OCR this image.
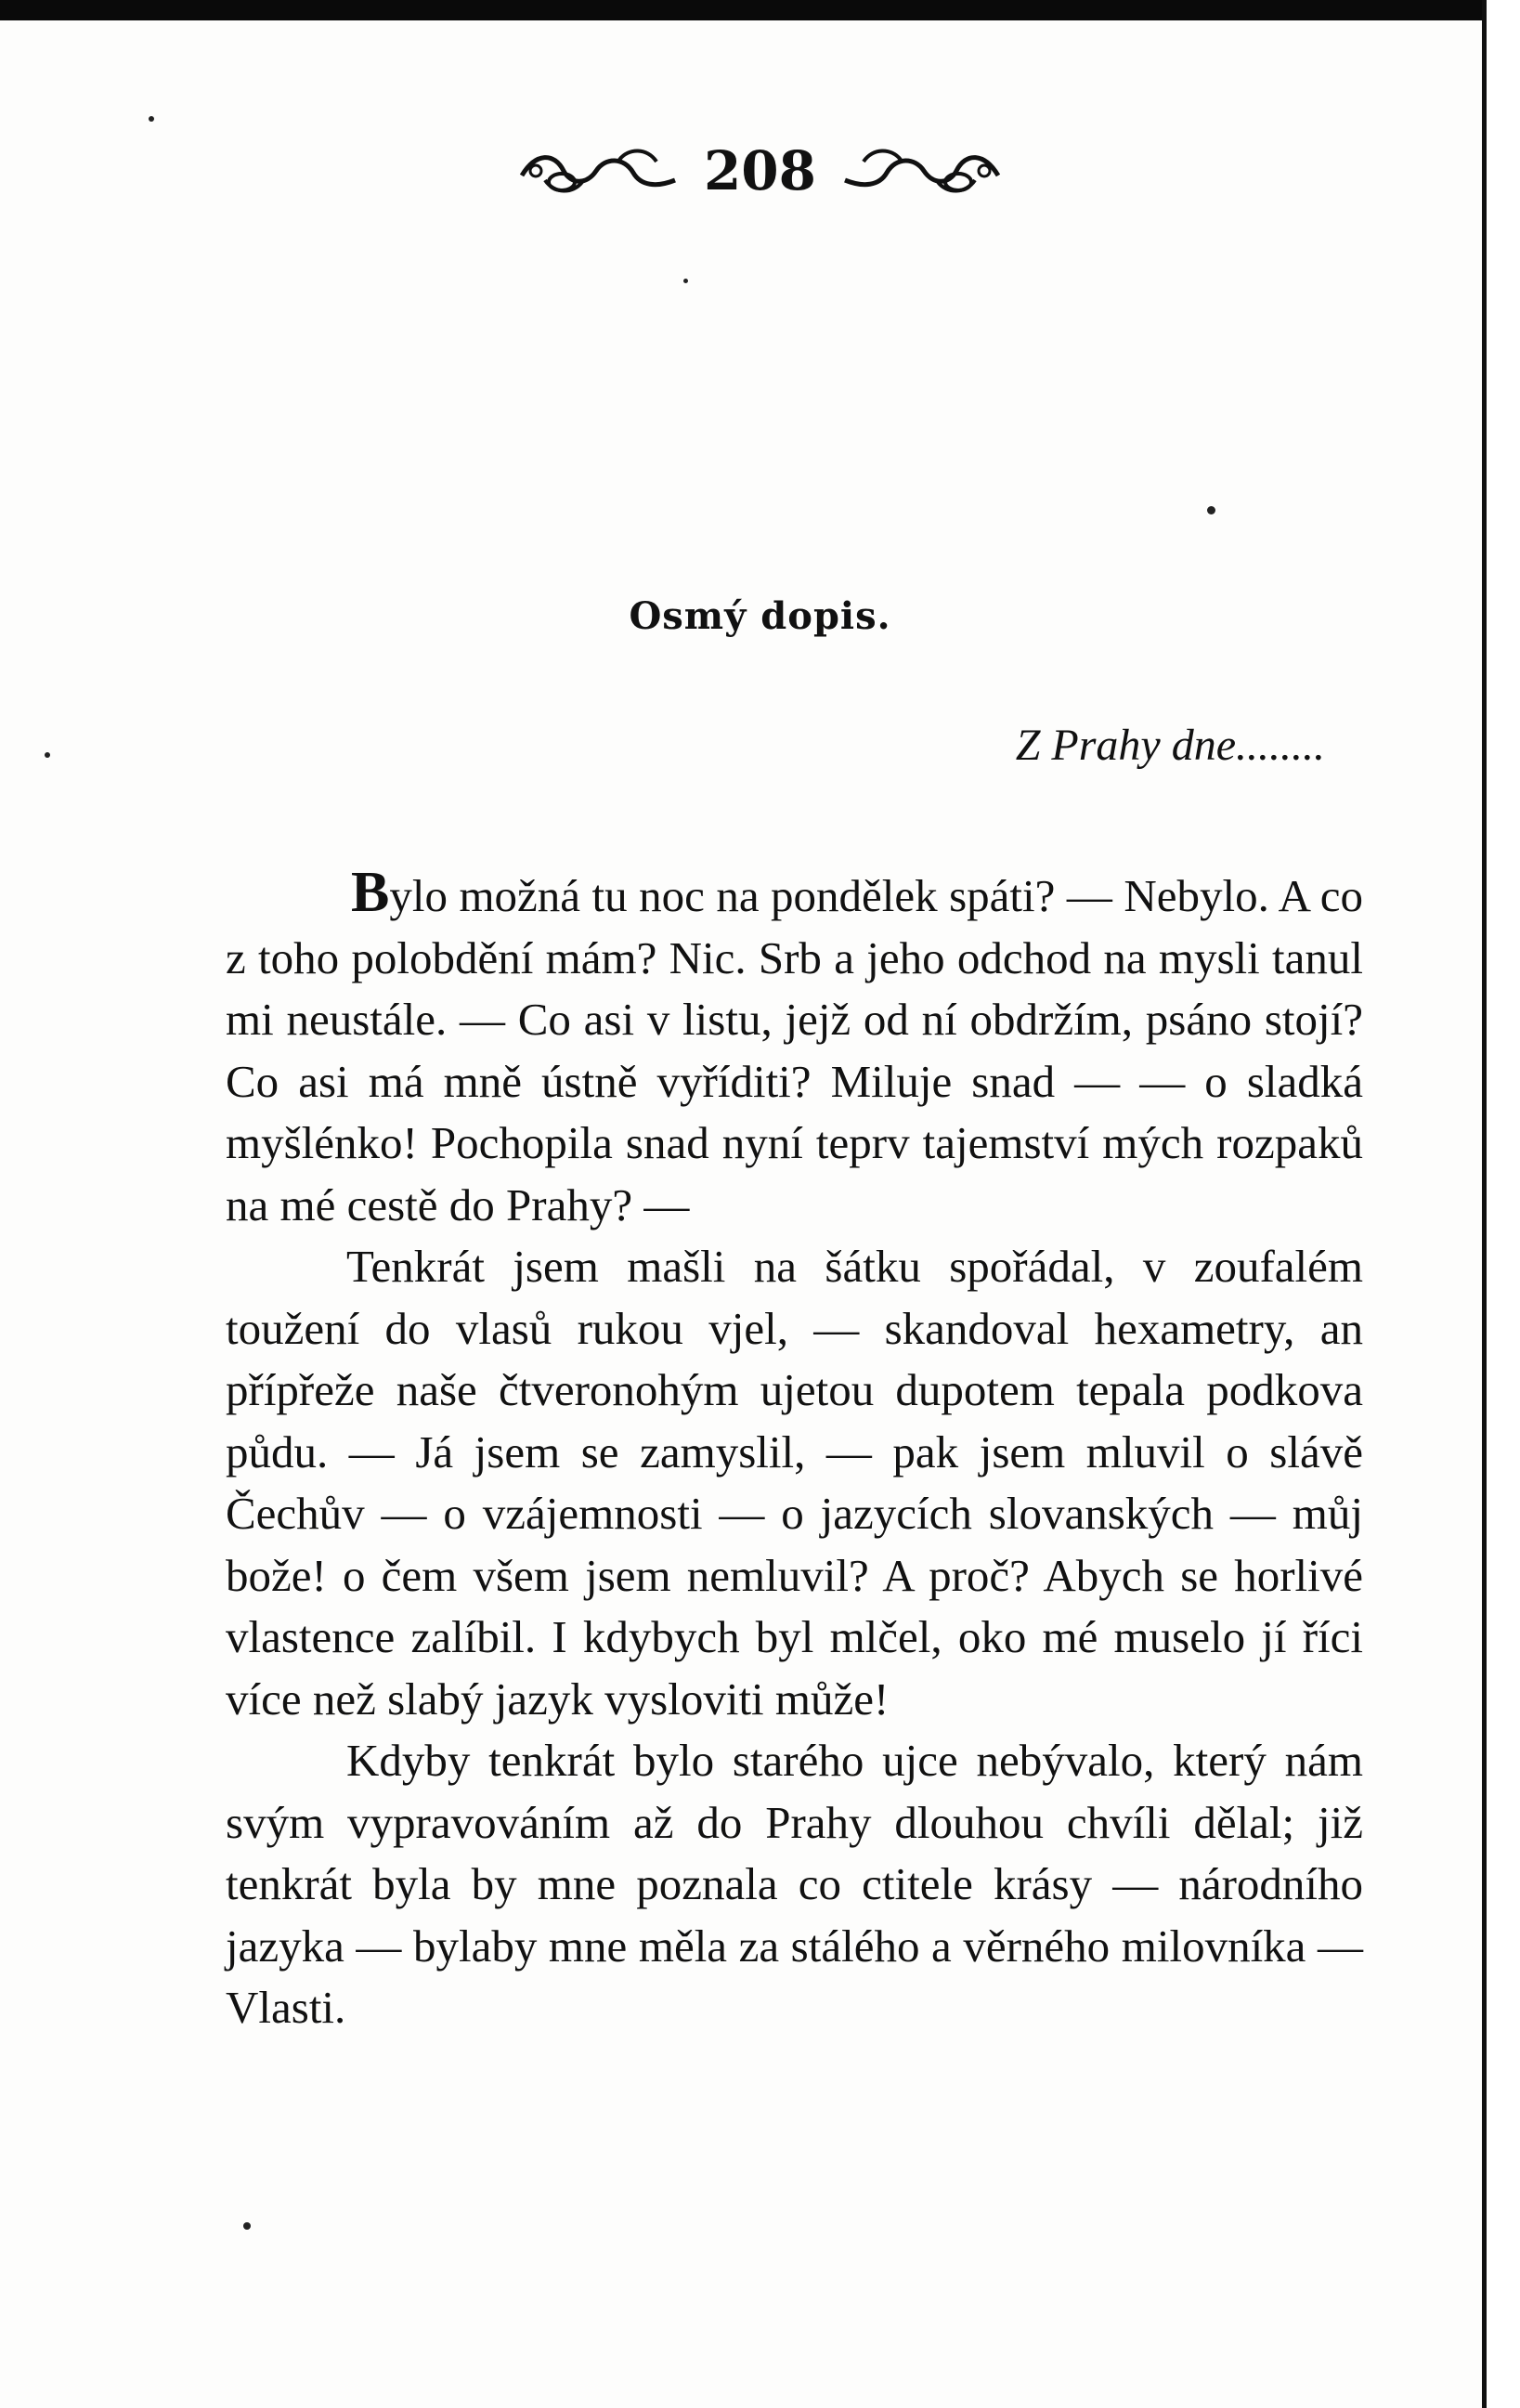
208
Osmý dopis.
Z Prahy dne........

Bylo možná tu noc na pondělek spáti? — Nebylo. A co z toho polobdění mám? Nic. Srb a jeho odchod na mysli tanul mi neustále. — Co asi v listu, jejž od ní obdržím, psáno stojí? Co asi má mně ústně vyříditi? Miluje snad — — o sladká myšlénko! Pochopila snad nyní teprv tajemství mých rozpaků na mé cestě do Prahy? —

Tenkrát jsem mašli na šátku spořádal, v zoufalém toužení do vlasů rukou vjel, — skandoval hexametry, an přípřeže naše čtveronohým ujetou dupotem tepala podkova půdu. — Já jsem se zamyslil, — pak jsem mluvil o slávě Čechův — o vzájemnosti — o jazycích slovanských — můj bože! o čem všem jsem nemluvil? A proč? Abych se horlivé vlastence zalíbil. I kdybych byl mlčel, oko mé muselo jí říci více než slabý jazyk vysloviti může!

Kdyby tenkrát bylo starého ujce nebývalo, který nám svým vypravováním až do Prahy dlouhou chvíli dělal; již tenkrát byla by mne poznala co ctitele krásy — národního jazyka — bylaby mne měla za stálého a věrného milovníka — Vlasti.
